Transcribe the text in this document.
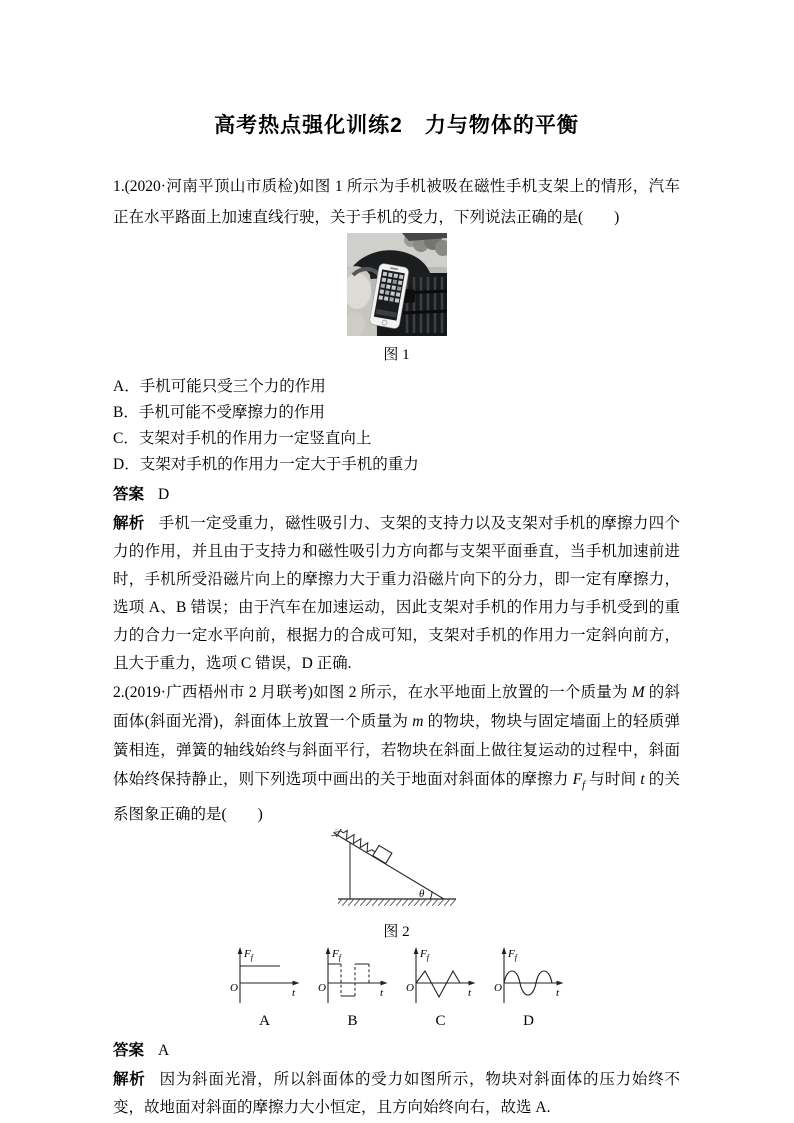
高考热点强化训练2　力与物体的平衡

1.(2020·河南平顶山市质检)如图 1 所示为手机被吸在磁性手机支架上的情形，汽车正在水平路面上加速直线行驶，关于手机的受力，下列说法正确的是(　　)

图 1

A．手机可能只受三个力的作用
B．手机可能不受摩擦力的作用
C．支架对手机的作用力一定竖直向上
D．支架对手机的作用力一定大于手机的重力

答案 D

解析 手机一定受重力，磁性吸引力、支架的支持力以及支架对手机的摩擦力四个力的作用，并且由于支持力和磁性吸引力方向都与支架平面垂直，当手机加速前进时，手机所受沿磁片向上的摩擦力大于重力沿磁片向下的分力，即一定有摩擦力，选项 A、B 错误；由于汽车在加速运动，因此支架对手机的作用力与手机受到的重力的合力一定水平向前，根据力的合成可知，支架对手机的作用力一定斜向前方，且大于重力，选项 C 错误，D 正确.

2.(2019·广西梧州市 2 月联考)如图 2 所示，在水平地面上放置的一个质量为 M 的斜面体(斜面光滑)，斜面体上放置一个质量为 m 的物块，物块与固定墙面上的轻质弹簧相连，弹簧的轴线始终与斜面平行，若物块在斜面上做往复运动的过程中，斜面体始终保持静止，则下列选项中画出的关于地面对斜面体的摩擦力 $F_f$ 与时间 t 的关系图象正确的是(　　)

θ

图 2

O
$F_f$
t
A
O
$F_f$
t
B
O
$F_f$
t
C
O
$F_f$
t
D

答案 A

解析 因为斜面光滑，所以斜面体的受力如图所示，物块对斜面体的压力始终不变，故地面对斜面的摩擦力大小恒定，且方向始终向右，故选 A.
